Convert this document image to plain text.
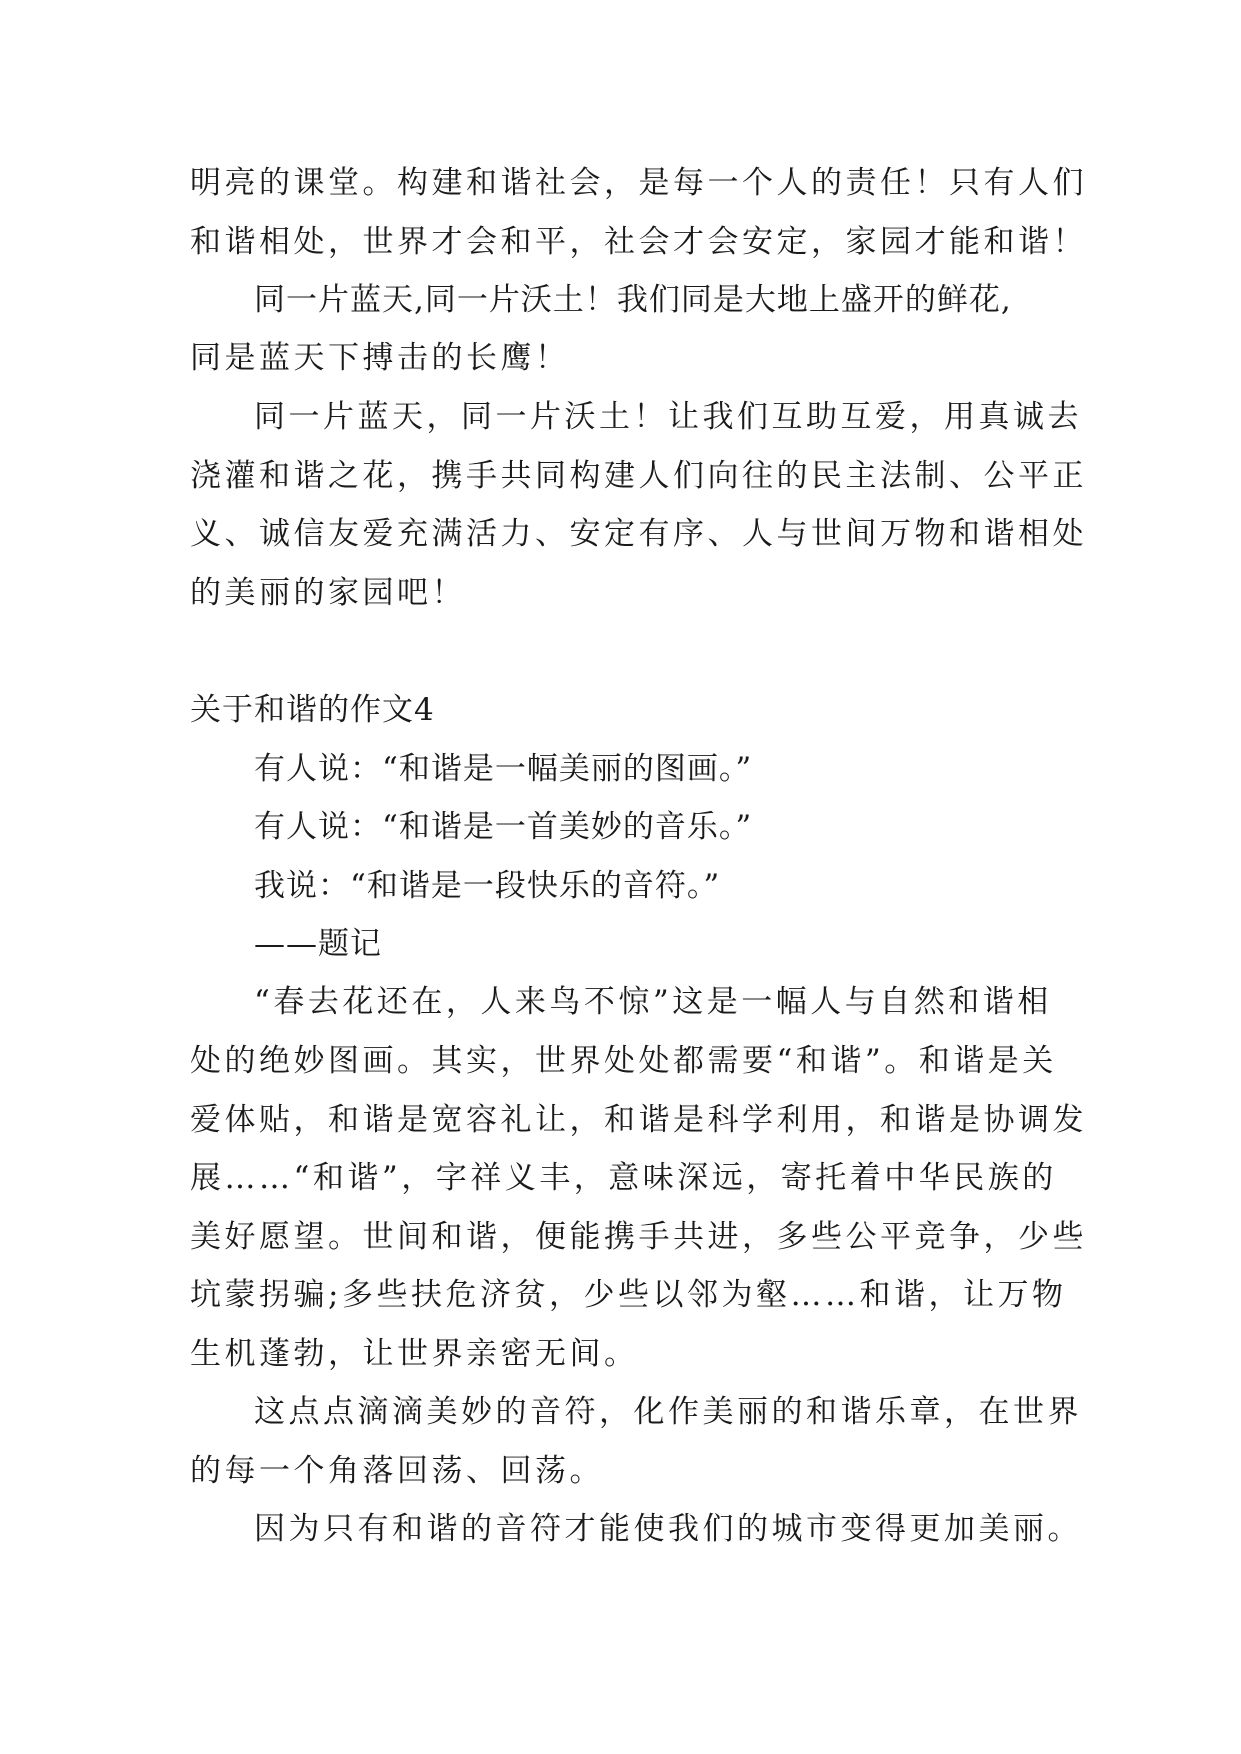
明亮的课堂。构建和谐社会，是每一个人的责任！只有人们
和谐相处，世界才会和平，社会才会安定，家园才能和谐！
同一片蓝天,同一片沃土！我们同是大地上盛开的鲜花,
同是蓝天下搏击的长鹰！
同一片蓝天，同一片沃土！让我们互助互爱，用真诚去
浇灌和谐之花，携手共同构建人们向往的民主法制、公平正
义、诚信友爱充满活力、安定有序、人与世间万物和谐相处
的美丽的家园吧！
关于和谐的作文4
有人说：“和谐是一幅美丽的图画。”
有人说：“和谐是一首美妙的音乐。”
我说：“和谐是一段快乐的音符。”
——题记
“春去花还在，人来鸟不惊”这是一幅人与自然和谐相
处的绝妙图画。其实，世界处处都需要“和谐”。和谐是关
爱体贴，和谐是宽容礼让，和谐是科学利用，和谐是协调发
展……“和谐”，字祥义丰，意味深远，寄托着中华民族的
美好愿望。世间和谐，便能携手共进，多些公平竞争，少些
坑蒙拐骗;多些扶危济贫，少些以邻为壑……和谐，让万物
生机蓬勃，让世界亲密无间。
这点点滴滴美妙的音符，化作美丽的和谐乐章，在世界
的每一个角落回荡、回荡。
因为只有和谐的音符才能使我们的城市变得更加美丽。
